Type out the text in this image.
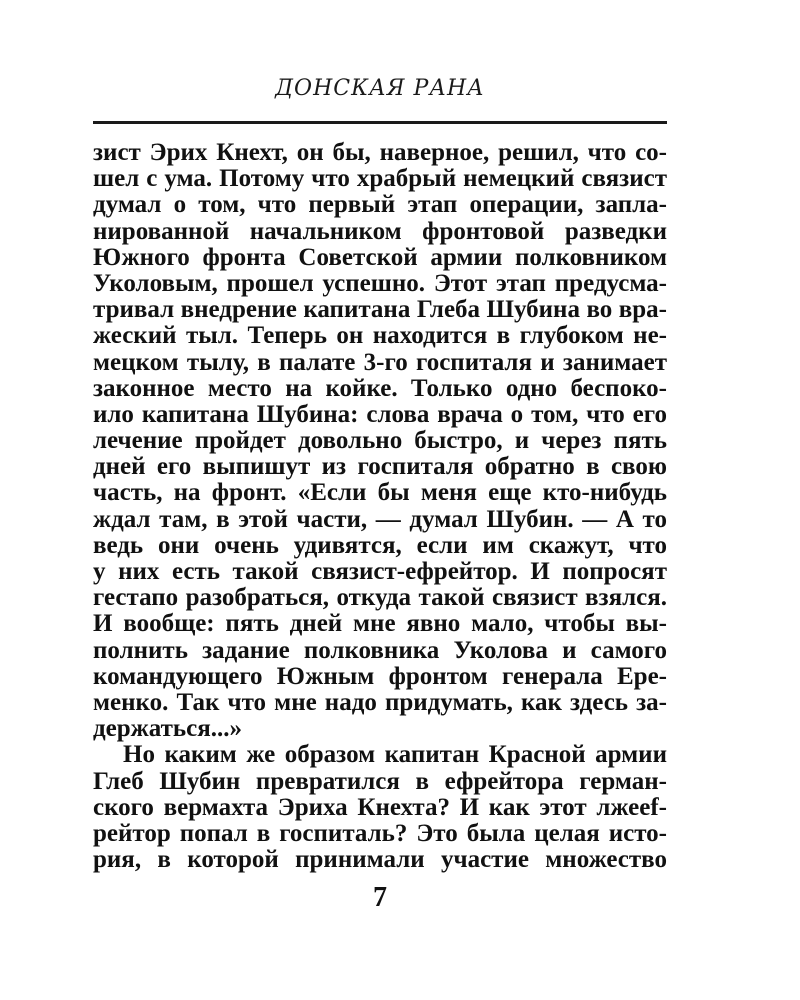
ДОНСКАЯ РАНА
зист Эрих Кнехт, он бы, наверное, решил, что со-
шел с ума. Потому что храбрый немецкий связист
думал о том, что первый этап операции, запла-
нированной начальником фронтовой разведки
Южного фронта Советской армии полковником
Уколовым, прошел успешно. Этот этап предусма-
тривал внедрение капитана Глеба Шубина во вра-
жеский тыл. Теперь он находится в глубоком не-
мецком тылу, в палате 3-го госпиталя и занимает
законное место на койке. Только одно беспоко-
ило капитана Шубина: слова врача о том, что его
лечение пройдет довольно быстро, и через пять
дней его выпишут из госпиталя обратно в свою
часть, на фронт. «Если бы меня еще кто-нибудь
ждал там, в этой части, — думал Шубин. — А то
ведь они очень удивятся, если им скажут, что
у них есть такой связист-ефрейтор. И попросят
гестапо разобраться, откуда такой связист взялся.
И вообще: пять дней мне явно мало, чтобы вы-
полнить задание полковника Уколова и самого
командующего Южным фронтом генерала Ере-
менко. Так что мне надо придумать, как здесь за-
держаться...»
Но каким же образом капитан Красной армии
Глеб Шубин превратился в ефрейтора герман-
ского вермахта Эриха Кнехта? И как этот лжеef-
рейтор попал в госпиталь? Это была целая исто-
рия, в которой принимали участие множество
7
